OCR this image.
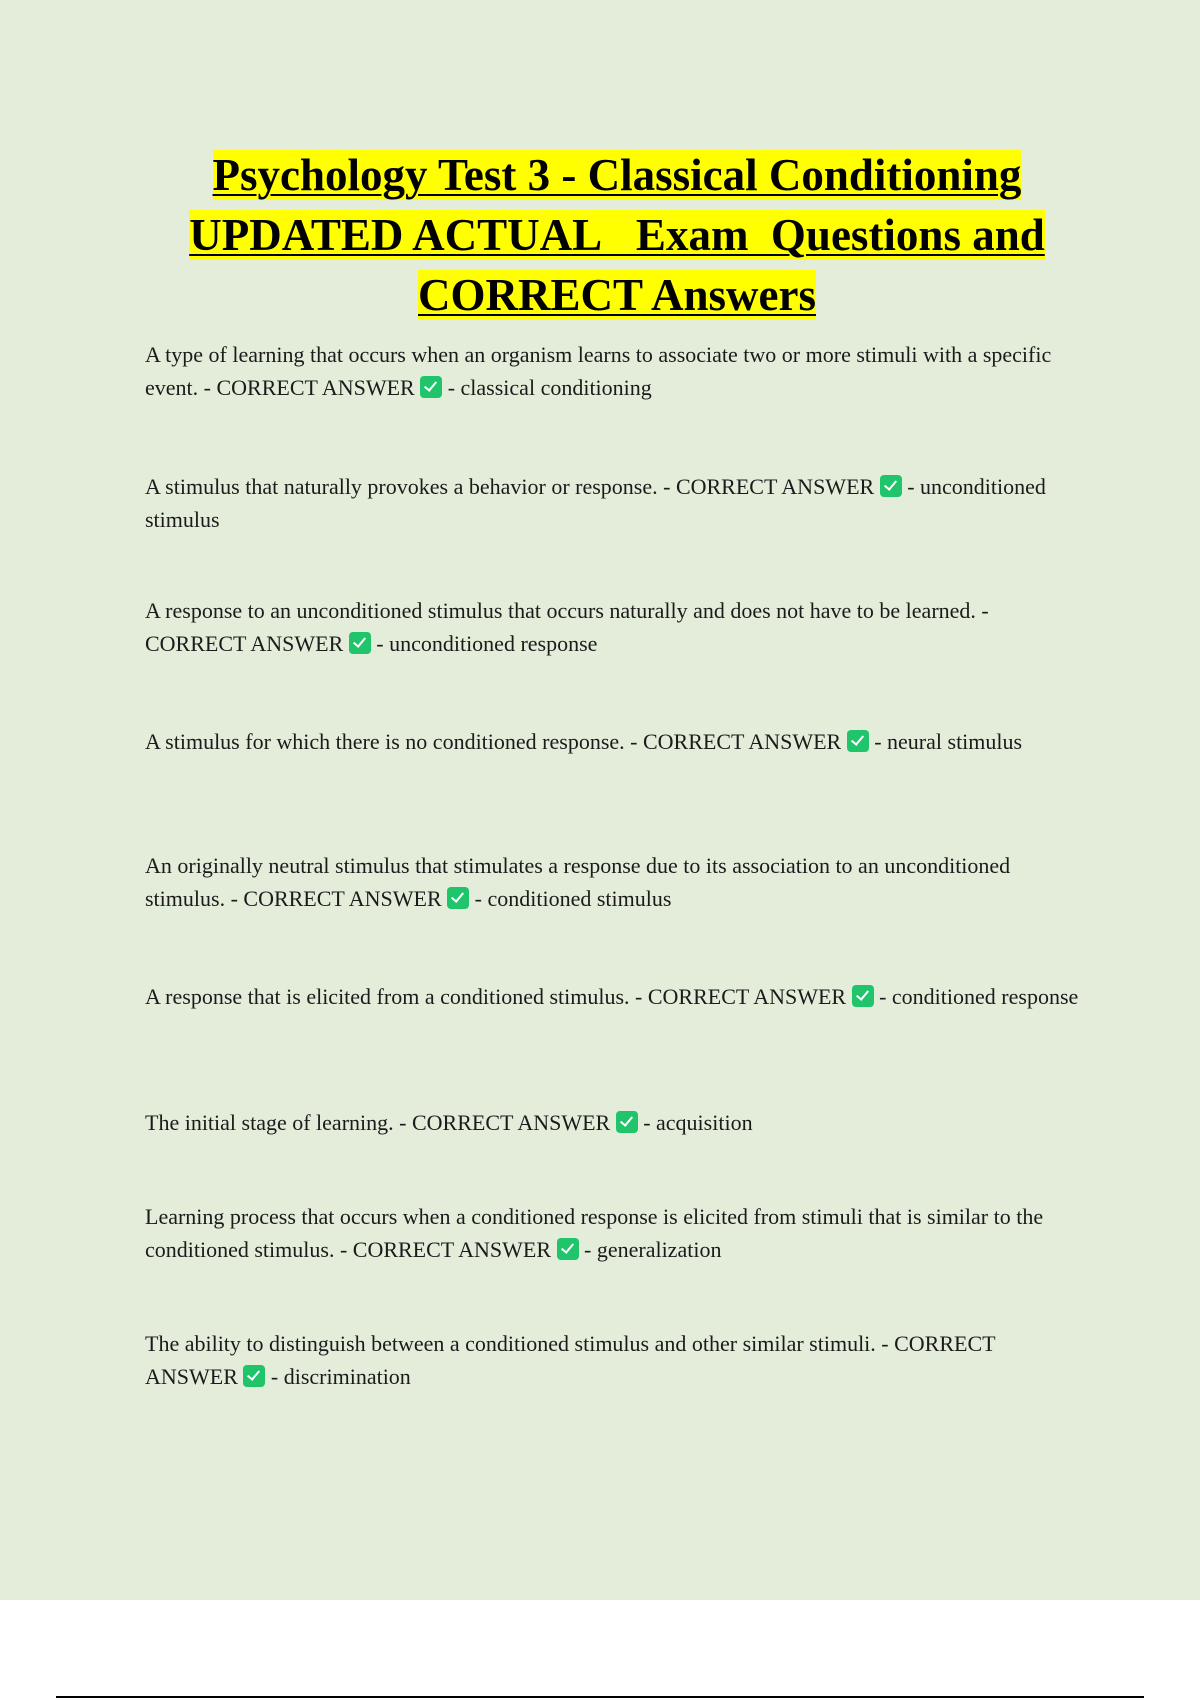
Psychology Test 3 - Classical Conditioning
UPDATED ACTUAL   Exam  Questions and
CORRECT Answers

A type of learning that occurs when an organism learns to associate two or more stimuli with a specific event. - CORRECT ANSWER  - classical conditioning

A stimulus that naturally provokes a behavior or response. - CORRECT ANSWER  - unconditioned stimulus

A response to an unconditioned stimulus that occurs naturally and does not have to be learned. - CORRECT ANSWER  - unconditioned response

A stimulus for which there is no conditioned response. - CORRECT ANSWER  - neural stimulus

An originally neutral stimulus that stimulates a response due to its association to an unconditioned stimulus. - CORRECT ANSWER  - conditioned stimulus

A response that is elicited from a conditioned stimulus. - CORRECT ANSWER  - conditioned response

The initial stage of learning. - CORRECT ANSWER  - acquisition

Learning process that occurs when a conditioned response is elicited from stimuli that is similar to the conditioned stimulus. - CORRECT ANSWER  - generalization

The ability to distinguish between a conditioned stimulus and other similar stimuli. - CORRECT ANSWER  - discrimination
